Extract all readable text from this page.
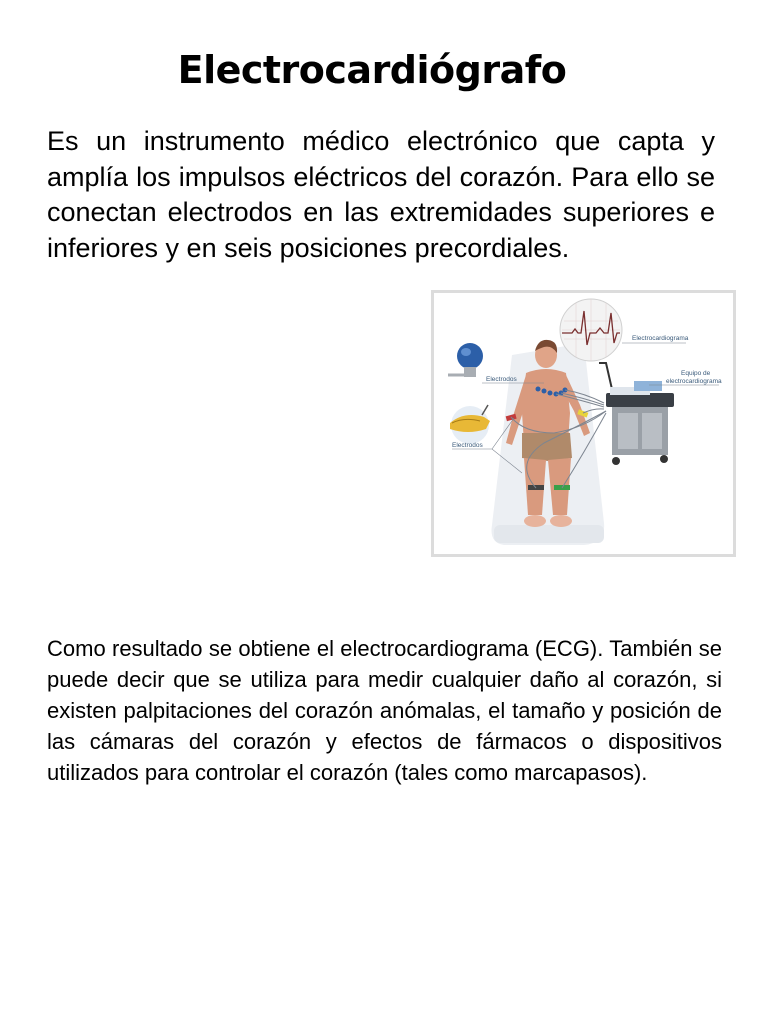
Electrocardiógrafo

Es un instrumento médico electrónico que capta y amplía los impulsos eléctricos del corazón. Para ello se conectan electrodos en las extremidades superiores e inferiores y en seis posiciones precordiales.

Electrocardiograma
Equipo de
electrocardiograma
Electrodos
Electrodos

Como resultado se obtiene el electrocardiograma (ECG). También se puede decir que se utiliza para medir cualquier daño al corazón, si existen palpitaciones del corazón anómalas, el tamaño y posición de las cámaras del corazón y efectos de fármacos o dispositivos utilizados para controlar el corazón (tales como marcapasos).
